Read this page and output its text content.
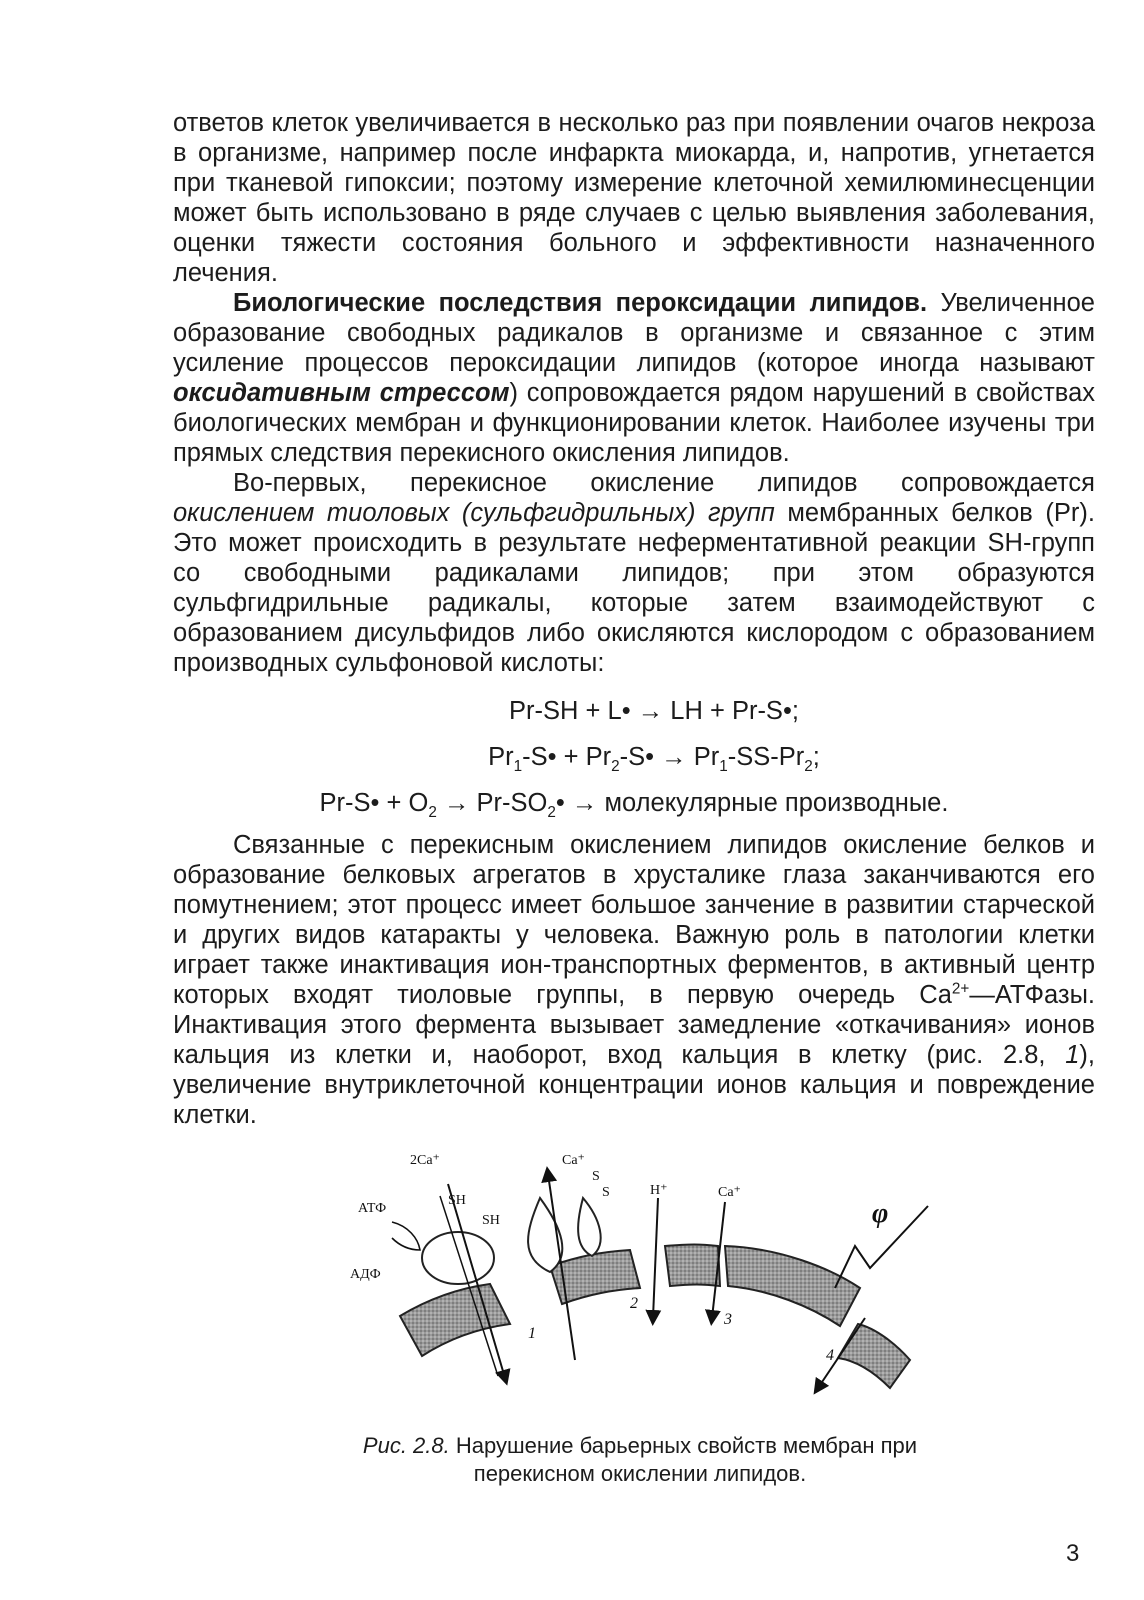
ответов клеток увеличивается в несколько раз при появлении очагов некроза в организме, например после инфаркта миокарда, и, напротив, угнетается при тканевой гипоксии; поэтому измерение клеточной хемилюминесценции может быть использовано в ряде случаев с целью выявления заболевания, оценки тяжести состояния больного и эффективности назначенного лечения.

Биологические последствия пероксидации липидов. Увеличенное образование свободных радикалов в организме и связанное с этим усиление процессов пероксидации липидов (которое иногда называют оксидативным стрессом) сопровождается рядом нарушений в свойствах биологических мембран и функционировании клеток. Наиболее изучены три прямых следствия перекисного окисления липидов.

Во-первых, перекисное окисление липидов сопровождается окислением тиоловых (сульфгидрильных) групп мембранных белков (Pr). Это может происходить в результате неферментативной реакции SH-групп со свободными радикалами липидов; при этом образуются сульфгидрильные радикалы, которые затем взаимодействуют с образованием дисульфидов либо окисляются кислородом с образованием производных сульфоновой кислоты:

Pr-SH + L• → LH + Pr-S•;
$Pr_1-S•$ + $Pr_2-S• \to Pr_1-SS-Pr_2$;
Pr-S• + $O_2$ → $Pr-SO_2•$ → молекулярные производные.

Связанные с перекисным окислением липидов окисление белков и образование белковых агрегатов в хрусталике глаза заканчиваются его помутнением; этот процесс имеет большое занчение в развитии старческой и других видов катаракты у человека. Важную роль в патологии клетки играет также инактивация ион-транспортных ферментов, в активный центр которых входят тиоловые группы, в первую очередь $Ca^{2+}—АТФазы$. Инактивация этого фермента вызывает замедление «откачивания» ионов кальция из клетки и, наоборот, вход кальция в клетку (рис. 2.8, 1), увеличение внутриклеточной концентрации ионов кальция и повреждение клетки.

2Ca⁺	Ca⁺
АТФ
АДФ
SH
SH
S
S	H⁺	Ca⁺
φ
1
2
3
4
Рис. 2.8. Нарушение барьерных свойств мембран при перекисном окислении липидов.
3
